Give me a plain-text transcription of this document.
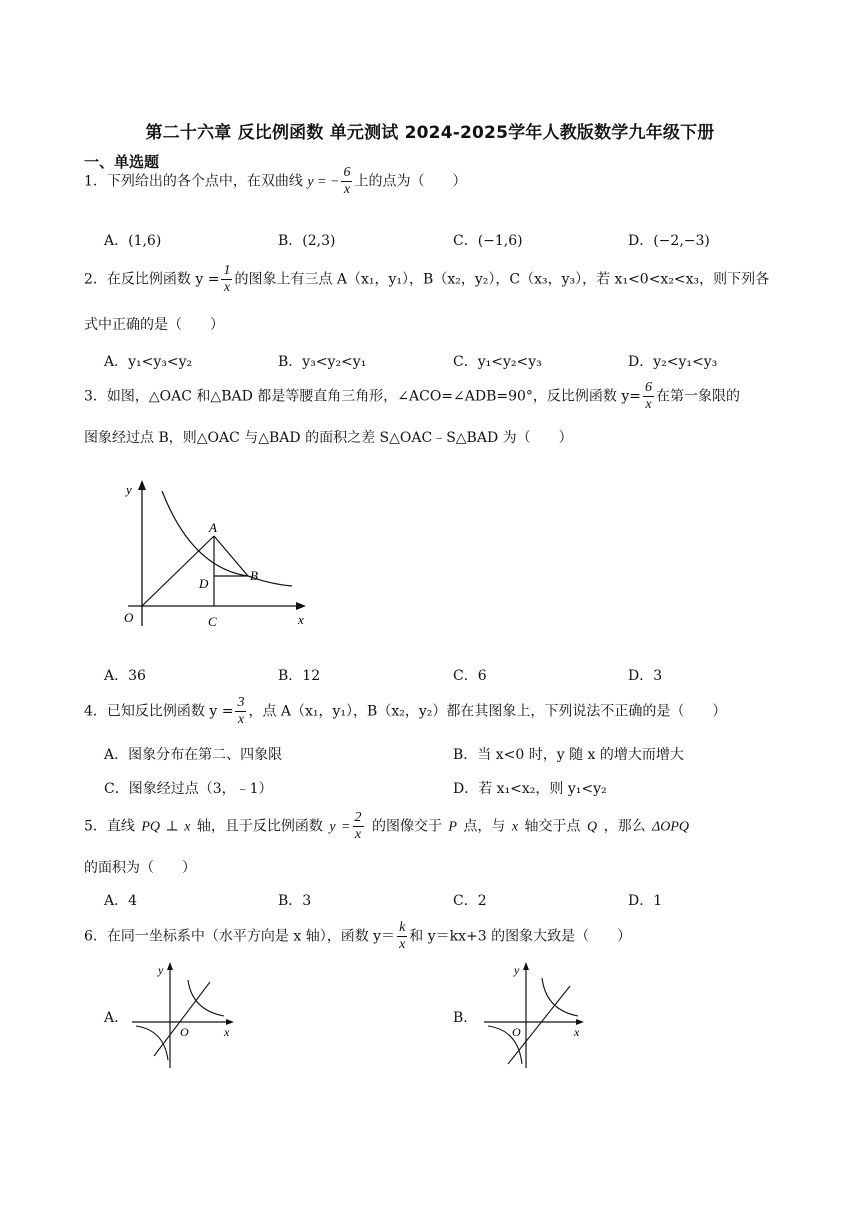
第二十六章 反比例函数 单元测试 2024-2025学年人教版数学九年级下册
一、单选题
1．下列给出的各个点中，在双曲线 y = − $\frac{6}{x}$ 上的点为（　　）
A．(1,6)	B．(2,3)	C．(−1,6)	D．(−2,−3)
2．在反比例函数 $y = \frac{1}{x}$ 的图象上有三点 A（x₁，y₁），B（x₂，y₂），C（x₃，y₃），若 x₁<0<x₂<x₃，则下列各
式中正确的是（　　）
A．y₁<y₃<y₂	B．y₃<y₂<y₁	C．y₁<y₂<y₃	D．y₂<y₁<y₃
3．如图，△OAC 和△BAD 都是等腰直角三角形，∠ACO=∠ADB=90°，反比例函数 $y= \frac{6}{x}$ 在第一象限的
图象经过点 B，则△OAC 与△BAD 的面积之差 S△OAC﹣S△BAD 为（　　）
y
x
O
A
B
C
D
A．36	B．12	C．6	D．3
4．已知反比例函数 $y = \frac{3}{x}$ ，点 A（x₁，y₁），B（x₂，y₂）都在其图象上，下列说法不正确的是（　　）
A．图象分布在第二、四象限	B．当 x<0 时，y 随 x 的增大而增大
C．图象经过点（3，﹣1）	D．若 x₁<x₂，则 y₁<y₂
5．直线 PQ ⊥ x 轴，且于反比例函数 $y = \frac{2}{x}$ 的图像交于 P 点，与 x 轴交于点 Q ，那么 ΔOPQ
的面积为（　　）
A．4	B．3	C．2	D．1
6．在同一坐标系中（水平方向是 x 轴），函数 $y= \frac{k}{x}$ 和 y＝kx+3 的图象大致是（　　）
A.
y
x
O
B.
y
x
O
